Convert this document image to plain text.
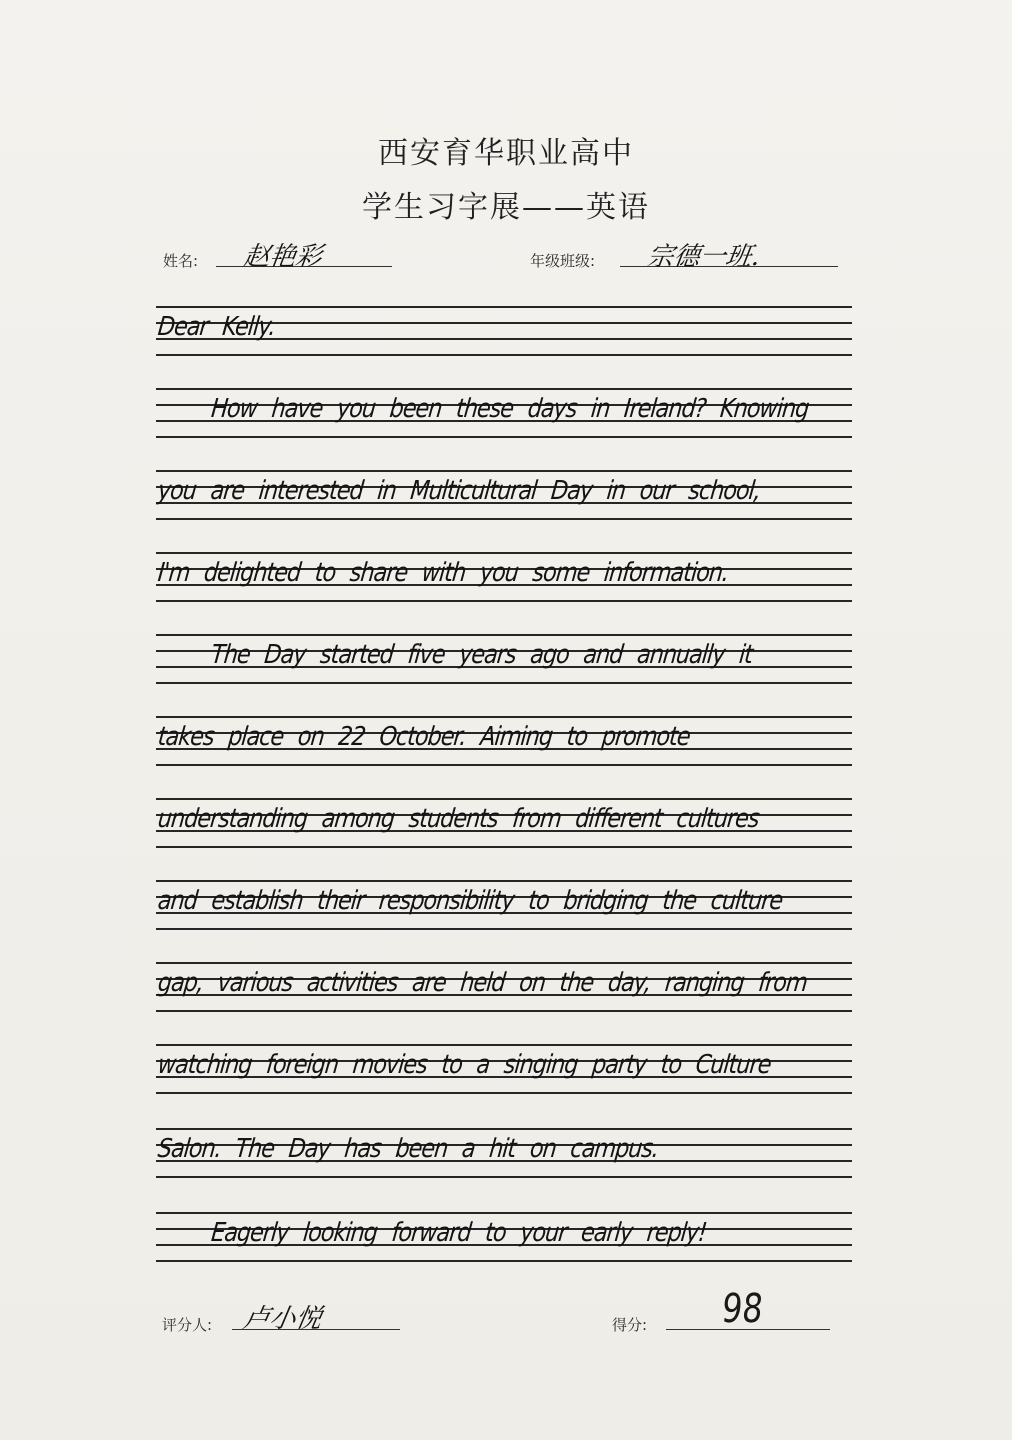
西安育华职业高中
学生习字展——英语
姓名: 赵艳彩	年级班级: 宗德一班.
Dear Kelly.
How have you been these days in Ireland? Knowing
you are interested in Multicultural Day in our school,
I'm delighted to share with you some information.
The Day started five years ago and annually it
takes place on 22 October. Aiming to promote
understanding among students from different cultures
and establish their responsibility to bridging the culture
gap, various activities are held on the day, ranging from
watching foreign movies to a singing party to Culture
Salon. The Day has been a hit on campus.
Eagerly looking forward to your early reply!
评分人: 卢小悦	得分: 98
